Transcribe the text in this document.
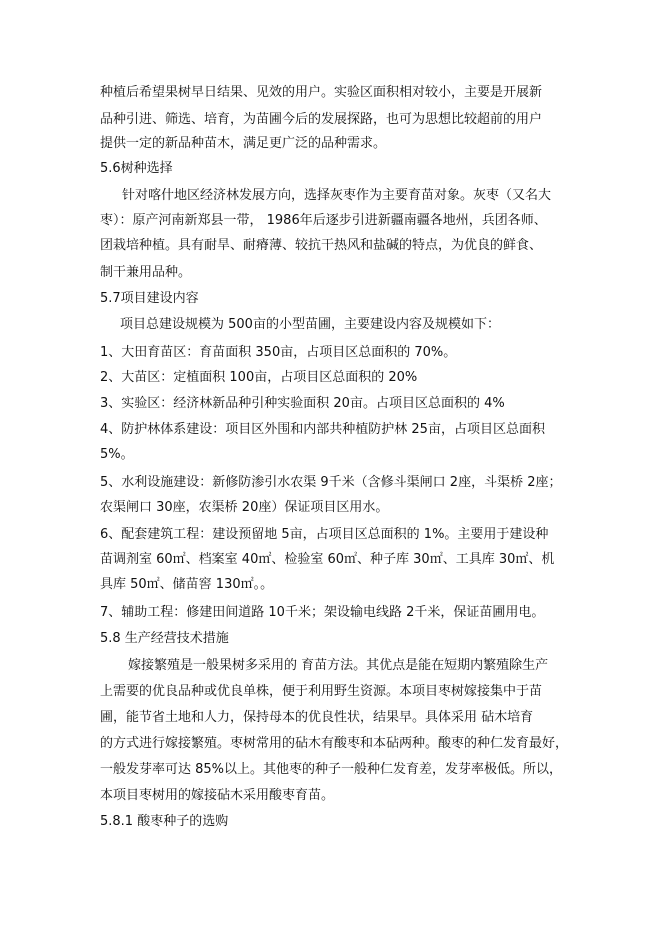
种植后希望果树早日结果、见效的用户。实验区面积相对较小，主要是开展新
品种引进、筛选、培育，为苗圃今后的发展探路，也可为思想比较超前的用户
提供一定的新品种苗木，满足更广泛的品种需求。
5.6树种选择
针对喀什地区经济林发展方向，选择灰枣作为主要育苗对象。灰枣（又名大
枣）：原产河南新郑县一带， 1986年后逐步引进新疆南疆各地州，兵团各师、
团栽培种植。具有耐旱、耐瘠薄、较抗干热风和盐碱的特点，为优良的鲜食、
制干兼用品种。
5.7项目建设内容
项目总建设规模为 500亩的小型苗圃，主要建设内容及规模如下：
1、大田育苗区：育苗面积 350亩，占项目区总面积的 70%。
2、大苗区：定植面积 100亩，占项目区总面积的 20%
3、实验区：经济林新品种引种实验面积 20亩。占项目区总面积的 4%
4、防护林体系建设：项目区外围和内部共种植防护林 25亩，占项目区总面积
5%。
5、水利设施建设：新修防渗引水农渠 9千米（含修斗渠闸口 2座，斗渠桥 2座；
农渠闸口 30座，农渠桥 20座）保证项目区用水。
6、配套建筑工程：建设预留地 5亩，占项目区总面积的 1%。主要用于建设种
苗调剂室 60㎡、档案室 40㎡、检验室 60㎡、种子库 30㎡、工具库 30㎡、机
具库 50㎡、储苗窖 130㎡。。
7、辅助工程：修建田间道路 10千米；架设输电线路 2千米，保证苗圃用电。
5.8 生产经营技术措施
嫁接繁殖是一般果树多采用的 育苗方法。其优点是能在短期内繁殖除生产
上需要的优良品种或优良单株，便于利用野生资源。本项目枣树嫁接集中于苗
圃，能节省土地和人力，保持母本的优良性状，结果早。具体采用 砧木培育
的方式进行嫁接繁殖。枣树常用的砧木有酸枣和本砧两种。酸枣的种仁发育最好，
一般发芽率可达 85%以上。其他枣的种子一般种仁发育差，发芽率极低。所以，
本项目枣树用的嫁接砧木采用酸枣育苗。
5.8.1 酸枣种子的选购
